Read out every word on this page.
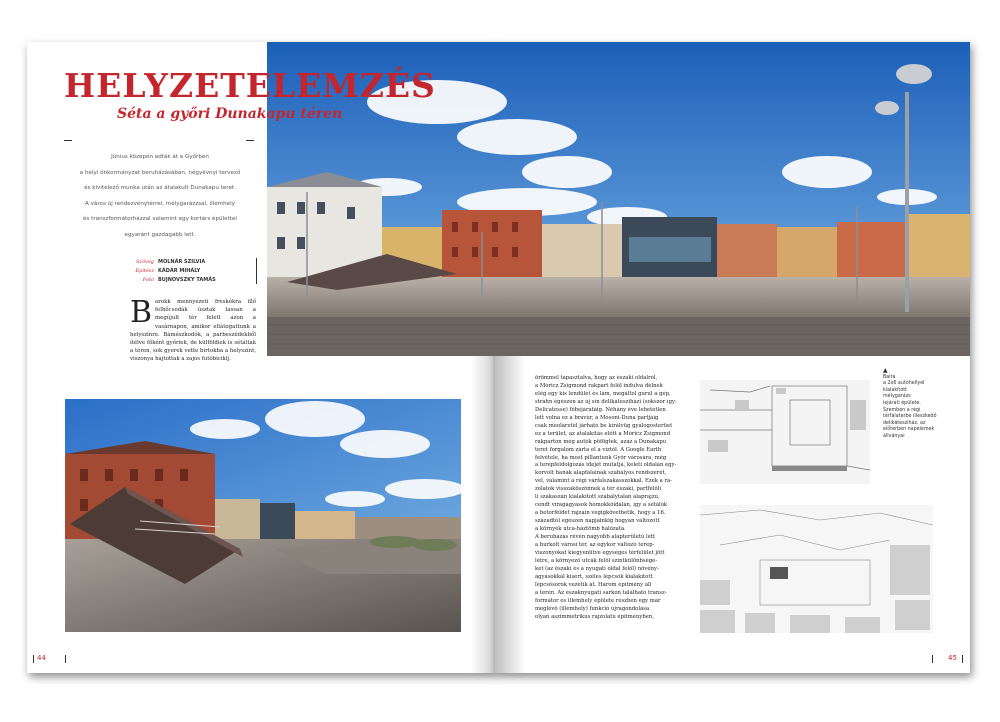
HELYZETELEMZÉS
Séta a győri Dunakapu téren
Június közepén adták át a Győrben
a helyi önkormányzat beruházásában, négyévnyi tervező
és kivitelező munka után az átalakult Dunakapu teret.
A város új rendezvénytérrel, mélygarázzsal, illemhely
és transzformátorházzal valamint egy kortárs épülettel
egyaránt gazdagabb lett.
Szöveg MOLNÁR SZILVIA
Építész KÁDÁR MIHÁLY
Fotó BUJNOVSZKY TAMÁS
Barokk mennyezeti freskókra illő felhőcsodák úsztak lassan a megújult tér felett azon a vasárnapon, amikor ellátogattunk a helyszínre. Bámészkodók, a parbeszédekből ítélve főként győriek, de külföldiek is sétáltak a téren, sok gyerek vette birtokba a helyszínt, viszonya hajtottak a zajos futóbiciklj.
örömmel tapasztalva, hogy az északi oldalról,
a Móricz Zsigmond rakpart felől indulva délnek
elég egy kis lendület és lám, megáltol gurul a gép,
strahn egészen az új sín delikátesziházi (sokszor így:
Delicatesse) főbejáratáig. Néhány éve lehetetlen
lett volna ez a bravúr, a Mosoni-Duna partjáig
csak meolaretél járható be királvüg gyalogosterüet
ez a terület, az átalakítás előtt a Móricz Zsigmond
rakparton még autók pöfögtek, azaz a Dunakapu
teret forgalom zárta el a víztől. A Google Earth
felvétele, ha most pillantunk Győr városára, még
a terepfeldolgozás idejét mutatja, keleti oldalán egy-
korvolt hanák alapfalainak szabályos rendszerét,
vel, valamint a régi várfalszakasszokkal. Ezek a rá-
zolatok visszaköszönnek a tér északi, partfelőli
li szakaszán kialakított szabálytalan alaprajzú,
cendt virágágyások homokkőidalán, így a sétálók
a betorféldet rajzain végigkövethetik, hogy a 16.
századtól egészen napjainkig hogyan változott
a környék utca-háztömb hálózata.
A beruházás révén nagyobb alapterületű lett
a burkolt városi tér, az egykor változó terep-
viszonyokat kiegyenlítve egységes térfelület jött
létre, a környező utcák felől szintkülönbsége-
ket (az északi és a nyugati oldal felől) növény-
ágyásokkal kísért, széles lépcsők kialakított
lépcsősorok vezetik át. Három építmény áll
a téren. Az északnyugati sarkon található transz-
formátor és illemhely épülete részben egy már
meglévő (illemhely) funkció újragondolása
olyan aszimmetrikus rajzolatú építményben,
▲
Balra
a 2x6 autóhellyel
kialakított
mélygarázs
lejárati épülete.
Szemben a régi
térfalaterbe illeszkedő
delikátesziház, az
előtérben napelemek
állványai
44	45
